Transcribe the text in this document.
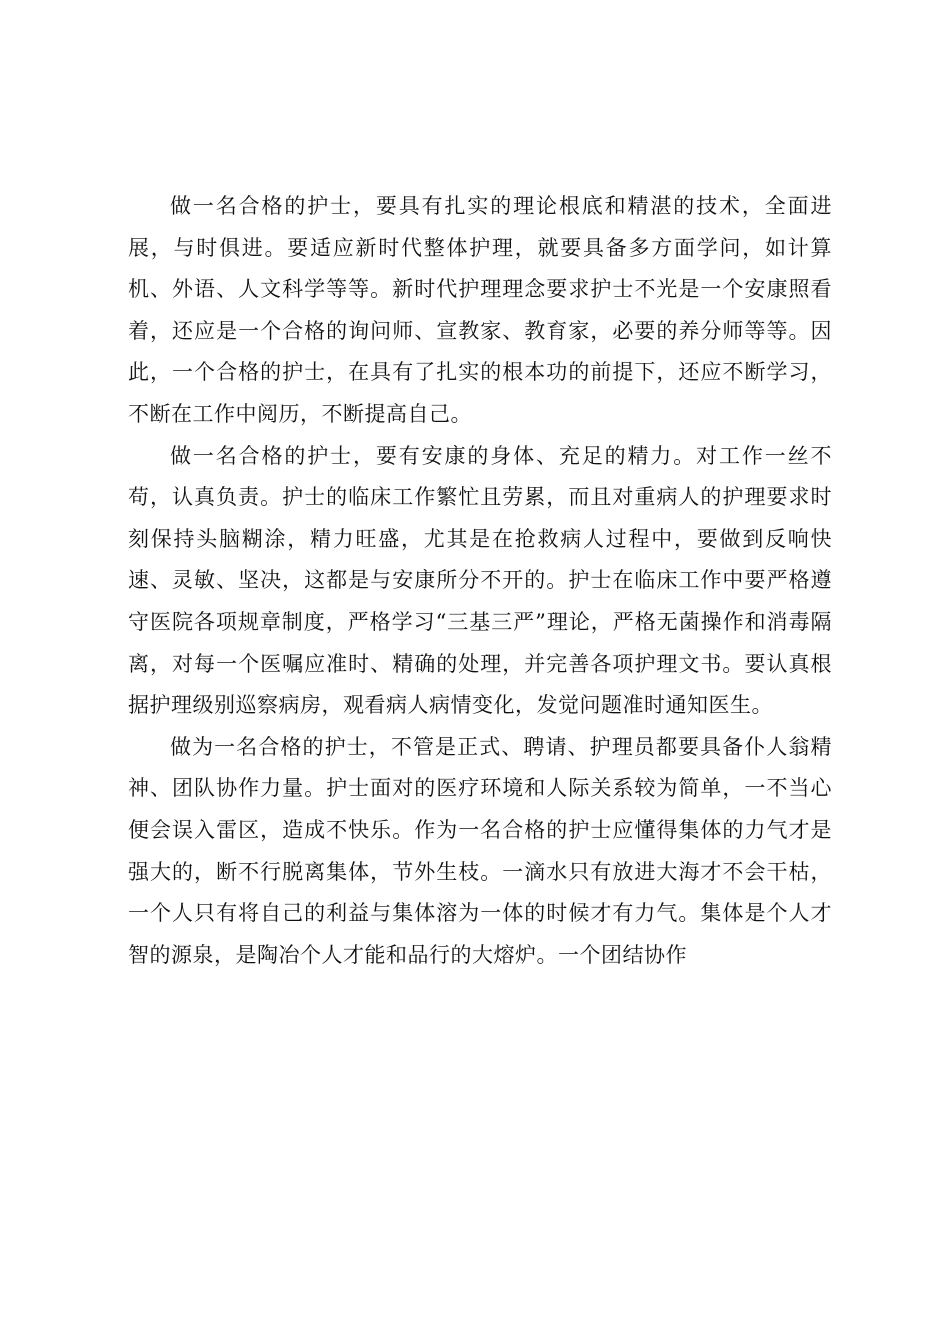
做一名合格的护士，要具有扎实的理论根底和精湛的技术，全面进展，与时俱进。要适应新时代整体护理，就要具备多方面学问，如计算机、外语、人文科学等等。新时代护理理念要求护士不光是一个安康照看着，还应是一个合格的询问师、宣教家、教育家，必要的养分师等等。因此，一个合格的护士，在具有了扎实的根本功的前提下，还应不断学习，不断在工作中阅历，不断提高自己。

做一名合格的护士，要有安康的身体、充足的精力。对工作一丝不苟，认真负责。护士的临床工作繁忙且劳累，而且对重病人的护理要求时刻保持头脑糊涂，精力旺盛，尤其是在抢救病人过程中，要做到反响快速、灵敏、坚决，这都是与安康所分不开的。护士在临床工作中要严格遵守医院各项规章制度，严格学习“三基三严”理论，严格无菌操作和消毒隔离，对每一个医嘱应准时、精确的处理，并完善各项护理文书。要认真根据护理级别巡察病房，观看病人病情变化，发觉问题准时通知医生。

做为一名合格的护士，不管是正式、聘请、护理员都要具备仆人翁精神、团队协作力量。护士面对的医疗环境和人际关系较为简单，一不当心便会误入雷区，造成不快乐。作为一名合格的护士应懂得集体的力气才是强大的，断不行脱离集体，节外生枝。一滴水只有放进大海才不会干枯，一个人只有将自己的利益与集体溶为一体的时候才有力气。集体是个人才智的源泉，是陶冶个人才能和品行的大熔炉。一个团结协作
